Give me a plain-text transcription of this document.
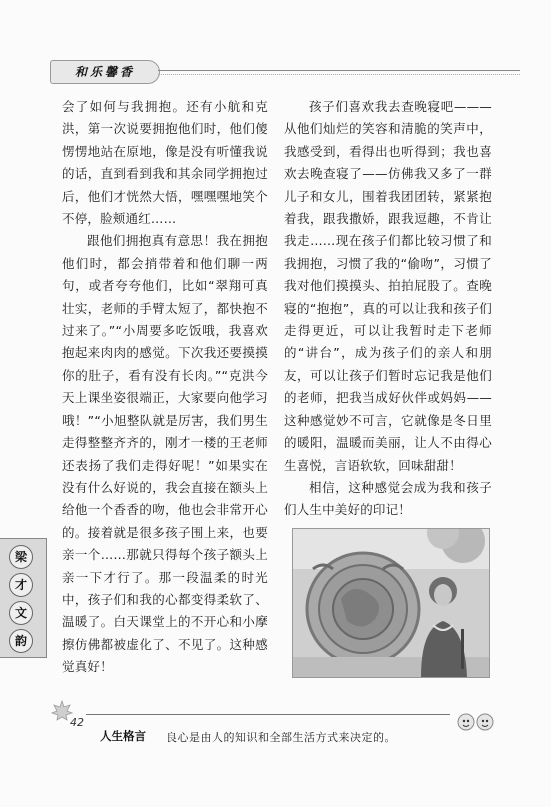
和乐馨香

会了如何与我拥抱。还有小航和克洪，第一次说要拥抱他们时，他们傻愣愣地站在原地，像是没有听懂我说的话，直到看到我和其余同学拥抱过后，他们才恍然大悟，嘿嘿嘿地笑个不停，脸颊通红……

跟他们拥抱真有意思！我在拥抱他们时，都会捎带着和他们聊一两句，或者夸夸他们，比如“翠翔可真壮实，老师的手臂太短了，都快抱不过来了。”“小周要多吃饭哦，我喜欢抱起来肉肉的感觉。下次我还要摸摸你的肚子，看有没有长肉。”“克洪今天上课坐姿很端正，大家要向他学习哦！”“小旭整队就是厉害，我们男生走得整整齐齐的，刚才一楼的王老师还表扬了我们走得好呢！”如果实在没有什么好说的，我会直接在额头上给他一个香香的吻，他也会非常开心的。接着就是很多孩子围上来，也要亲一个……那就只得每个孩子额头上亲一下才行了。那一段温柔的时光中，孩子们和我的心都变得柔软了、温暖了。白天课堂上的不开心和小摩擦仿佛都被虚化了、不见了。这种感觉真好！

孩子们喜欢我去查晚寝吧———从他们灿烂的笑容和清脆的笑声中，我感受到，看得出也听得到；我也喜欢去晚查寝了——仿佛我又多了一群儿子和女儿，围着我团团转，紧紧抱着我，跟我撒娇，跟我逗趣，不肯让我走……现在孩子们都比较习惯了和我拥抱，习惯了我的“偷吻”，习惯了我对他们摸摸头、拍拍屁股了。查晚寝的“抱抱”，真的可以让我和孩子们走得更近，可以让我暂时走下老师的“讲台”，成为孩子们的亲人和朋友，可以让孩子们暂时忘记我是他们的老师，把我当成好伙伴或妈妈——这种感觉妙不可言，它就像是冬日里的暖阳，温暖而美丽，让人不由得心生喜悦，言语软软，回味甜甜！

相信，这种感觉会成为我和孩子们人生中美好的印记！

梁
才
文
韵
42
人生格言 良心是由人的知识和全部生活方式来决定的。
